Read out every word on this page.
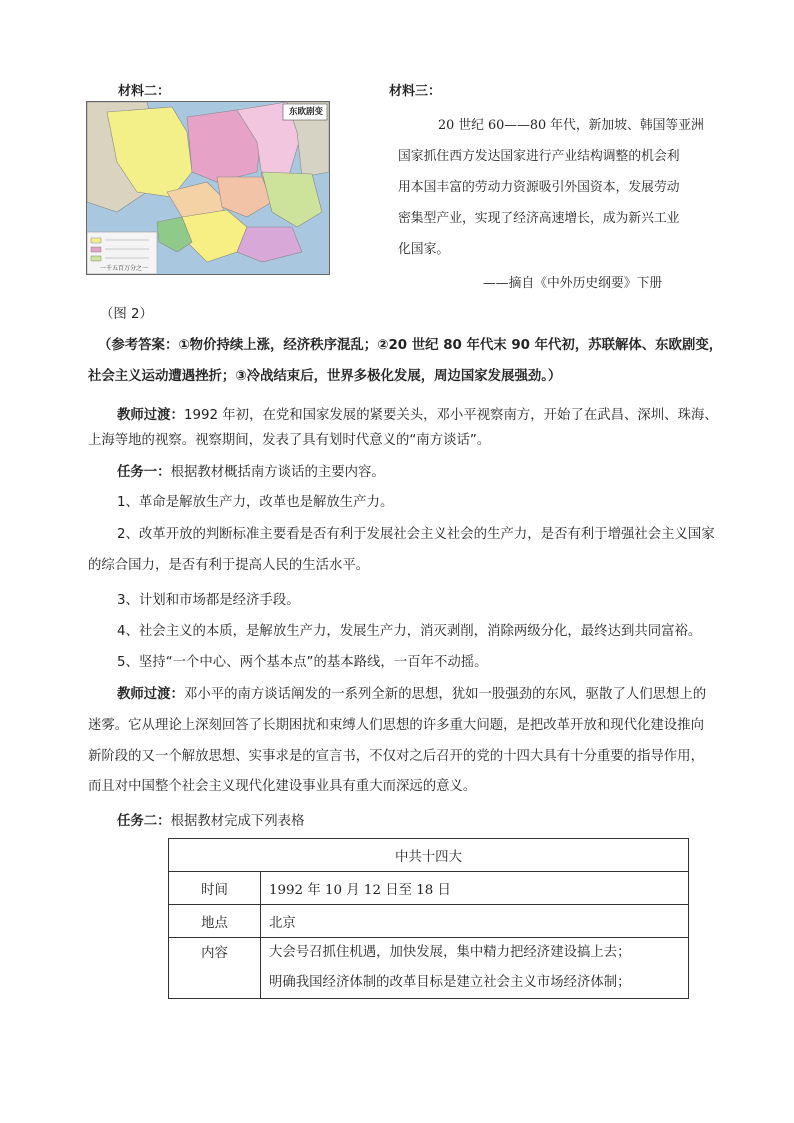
材料二：
东欧剧变
一千五百万分之一
材料三：
20 世纪 60——80 年代，新加坡、韩国等亚洲
国家抓住西方发达国家进行产业结构调整的机会利
用本国丰富的劳动力资源吸引外国资本，发展劳动
密集型产业，实现了经济高速增长，成为新兴工业
化国家。
——摘自《中外历史纲要》下册
（图 2）
（参考答案：①物价持续上涨，经济秩序混乱；②20 世纪 80 年代末 90 年代初，苏联解体、东欧剧变，
社会主义运动遭遇挫折；③冷战结束后，世界多极化发展，周边国家发展强劲。）
教师过渡：1992 年初，在党和国家发展的紧要关头，邓小平视察南方，开始了在武昌、深圳、珠海、
上海等地的视察。视察期间，发表了具有划时代意义的“南方谈话”。
任务一：根据教材概括南方谈话的主要内容。
1、革命是解放生产力，改革也是解放生产力。
2、改革开放的判断标准主要看是否有利于发展社会主义社会的生产力，是否有利于增强社会主义国家
的综合国力，是否有利于提高人民的生活水平。
3、计划和市场都是经济手段。
4、社会主义的本质，是解放生产力，发展生产力，消灭剥削，消除两级分化，最终达到共同富裕。
5、坚持“一个中心、两个基本点”的基本路线，一百年不动摇。
教师过渡：邓小平的南方谈话阐发的一系列全新的思想，犹如一股强劲的东风，驱散了人们思想上的
迷雾。它从理论上深刻回答了长期困扰和束缚人们思想的许多重大问题，是把改革开放和现代化建设推向
新阶段的又一个解放思想、实事求是的宣言书，不仅对之后召开的党的十四大具有十分重要的指导作用，
而且对中国整个社会主义现代化建设事业具有重大而深远的意义。
任务二：根据教材完成下列表格
中共十四大	
时间	1992 年 10 月 12 日至 18 日
地点	北京
内容	大会号召抓住机遇，加快发展，集中精力把经济建设搞上去；
明确我国经济体制的改革目标是建立社会主义市场经济体制；
